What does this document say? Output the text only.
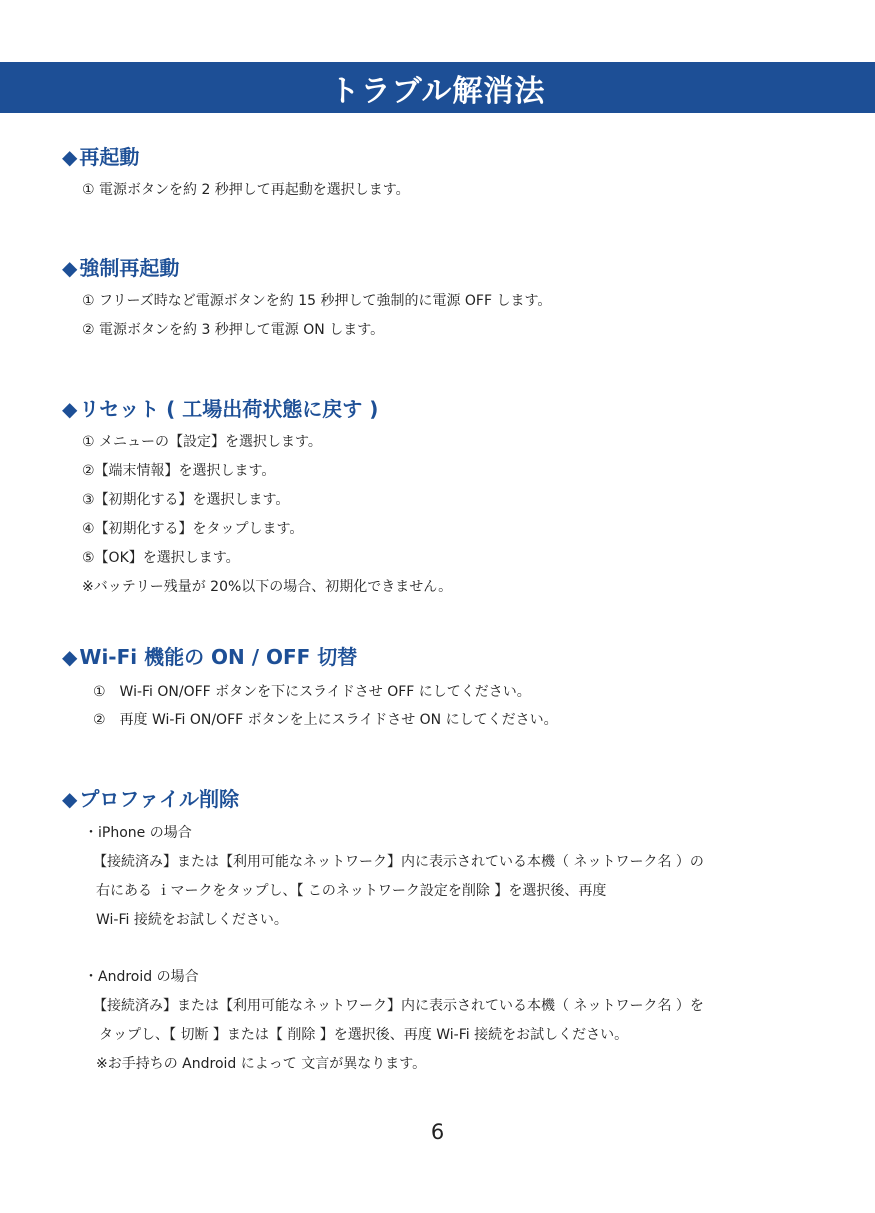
トラブル解消法
◆ 再起動
① 電源ボタンを約 2 秒押して再起動を選択します。
◆ 強制再起動
① フリーズ時など電源ボタンを約 15 秒押して強制的に電源 OFF します。
② 電源ボタンを約 3 秒押して電源 ON します。
◆ リセット ( 工場出荷状態に戻す )
① メニューの【設定】を選択します。
②【端末情報】を選択します。
③【初期化する】を選択します。
④【初期化する】をタップします。
⑤【OK】を選択します。
※バッテリー残量が 20%以下の場合、初期化できません。
◆ Wi-Fi 機能の ON / OFF 切替
①　Wi-Fi ON/OFF ボタンを下にスライドさせ OFF にしてください。
②　再度 Wi-Fi ON/OFF ボタンを上にスライドさせ ON にしてください。
◆ プロファイル削除
・iPhone の場合
【接続済み】または【利用可能なネットワーク】内に表示されている本機（ ネットワーク名 ）の
右にある ｉマークをタップし、【 このネットワーク設定を削除 】を選択後、再度
Wi-Fi 接続をお試しください。
・Android の場合
【接続済み】または【利用可能なネットワーク】内に表示されている本機（ ネットワーク名 ）を
タップし、【 切断 】または【 削除 】を選択後、再度 Wi-Fi 接続をお試しください。
※お手持ちの Android によって 文言が異なります。
6
